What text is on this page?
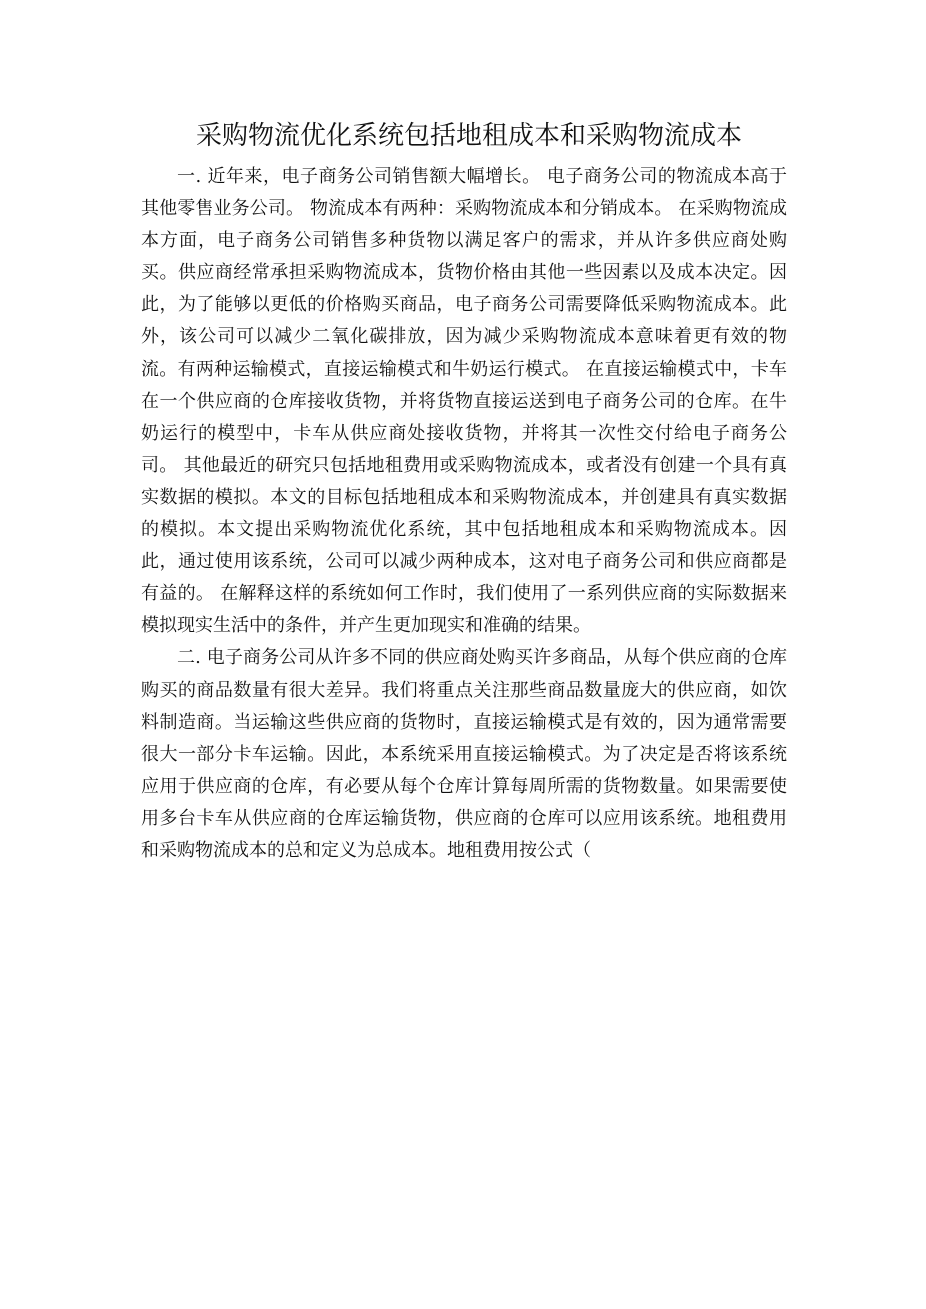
采购物流优化系统包括地租成本和采购物流成本

一. 近年来，电子商务公司销售额大幅增长。 电子商务公司的物流成本高于其他零售业务公司。 物流成本有两种：采购物流成本和分销成本。 在采购物流成本方面，电子商务公司销售多种货物以满足客户的需求，并从许多供应商处购买。供应商经常承担采购物流成本，货物价格由其他一些因素以及成本决定。因此，为了能够以更低的价格购买商品，电子商务公司需要降低采购物流成本。此外，该公司可以减少二氧化碳排放，因为减少采购物流成本意味着更有效的物流。有两种运输模式，直接运输模式和牛奶运行模式。 在直接运输模式中，卡车在一个供应商的仓库接收货物，并将货物直接运送到电子商务公司的仓库。在牛奶运行的模型中，卡车从供应商处接收货物，并将其一次性交付给电子商务公司。 其他最近的研究只包括地租费用或采购物流成本，或者没有创建一个具有真实数据的模拟。本文的目标包括地租成本和采购物流成本，并创建具有真实数据的模拟。本文提出采购物流优化系统，其中包括地租成本和采购物流成本。因此，通过使用该系统，公司可以减少两种成本，这对电子商务公司和供应商都是有益的。 在解释这样的系统如何工作时，我们使用了一系列供应商的实际数据来模拟现实生活中的条件，并产生更加现实和准确的结果。

二. 电子商务公司从许多不同的供应商处购买许多商品，从每个供应商的仓库购买的商品数量有很大差异。我们将重点关注那些商品数量庞大的供应商，如饮料制造商。当运输这些供应商的货物时，直接运输模式是有效的，因为通常需要很大一部分卡车运输。因此，本系统采用直接运输模式。为了决定是否将该系统应用于供应商的仓库，有必要从每个仓库计算每周所需的货物数量。如果需要使用多台卡车从供应商的仓库运输货物，供应商的仓库可以应用该系统。地租费用和采购物流成本的总和定义为总成本。地租费用按公式（
